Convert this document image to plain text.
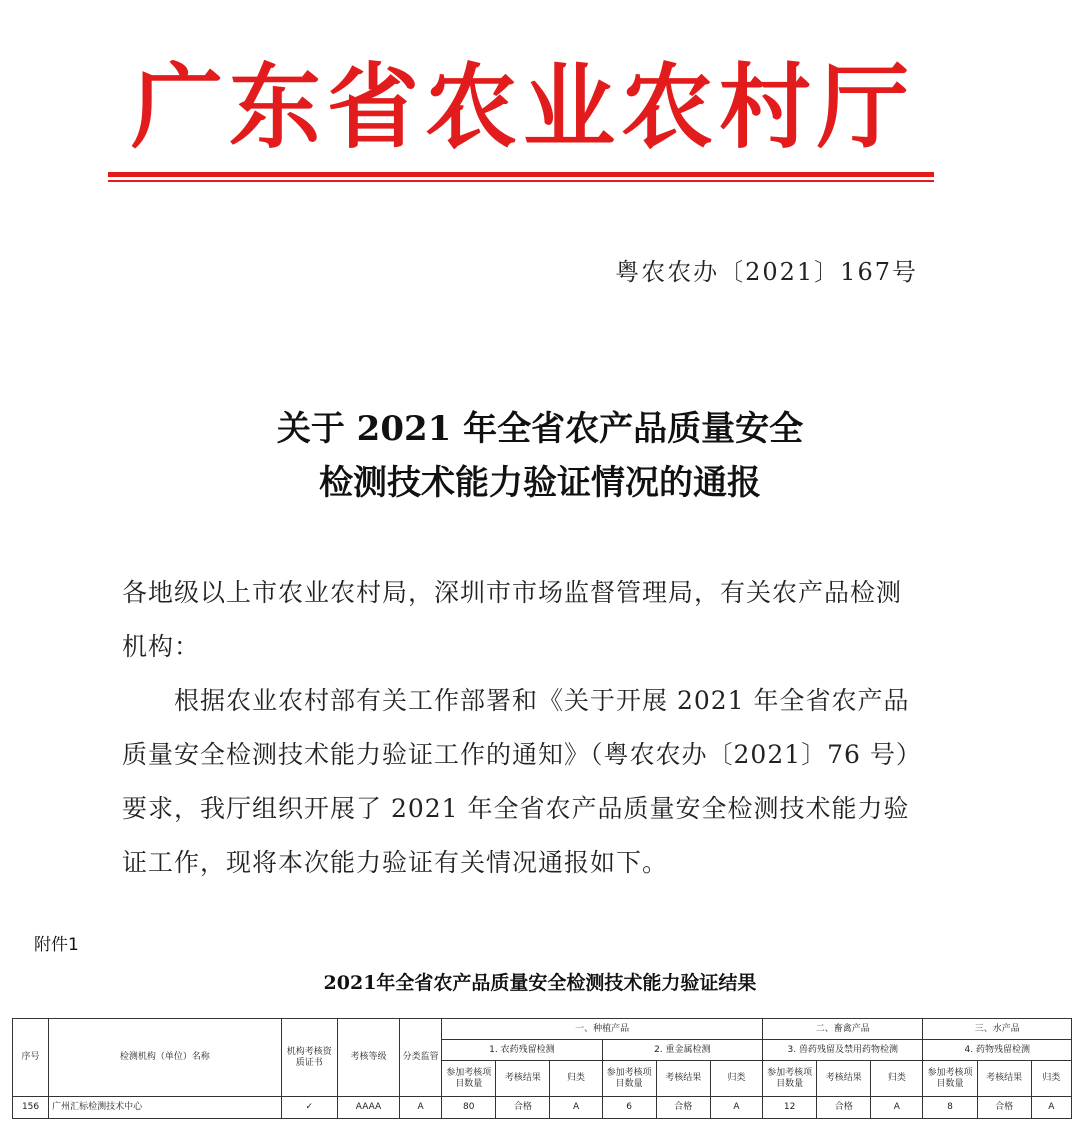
广东省农业农村厅
粤农农办〔2021〕167号
关于 2021 年全省农产品质量安全
检测技术能力验证情况的通报
各地级以上市农业农村局，深圳市市场监督管理局，有关农产品检测机构：
根据农业农村部有关工作部署和《关于开展 2021 年全省农产品质量安全检测技术能力验证工作的通知》（粤农农办〔2021〕76 号）要求，我厅组织开展了 2021 年全省农产品质量安全检测技术能力验证工作，现将本次能力验证有关情况通报如下。
附件1
2021年全省农产品质量安全检测技术能力验证结果
序号	检测机构（单位）名称	机构考核资质证书	考核等级	分类监管	一、种植产品						二、畜禽产品			三、水产品		
					1. 农药残留检测			2. 重金属检测			3. 兽药残留及禁用药物检测			4. 药物残留检测		
					参加考核项目数量	考核结果	归类	参加考核项目数量	考核结果	归类	参加考核项目数量	考核结果	归类	参加考核项目数量	考核结果	归类
156	广州汇标检测技术中心	✓	AAAA	A	80	合格	A	6	合格	A	12	合格	A	8	合格	A
